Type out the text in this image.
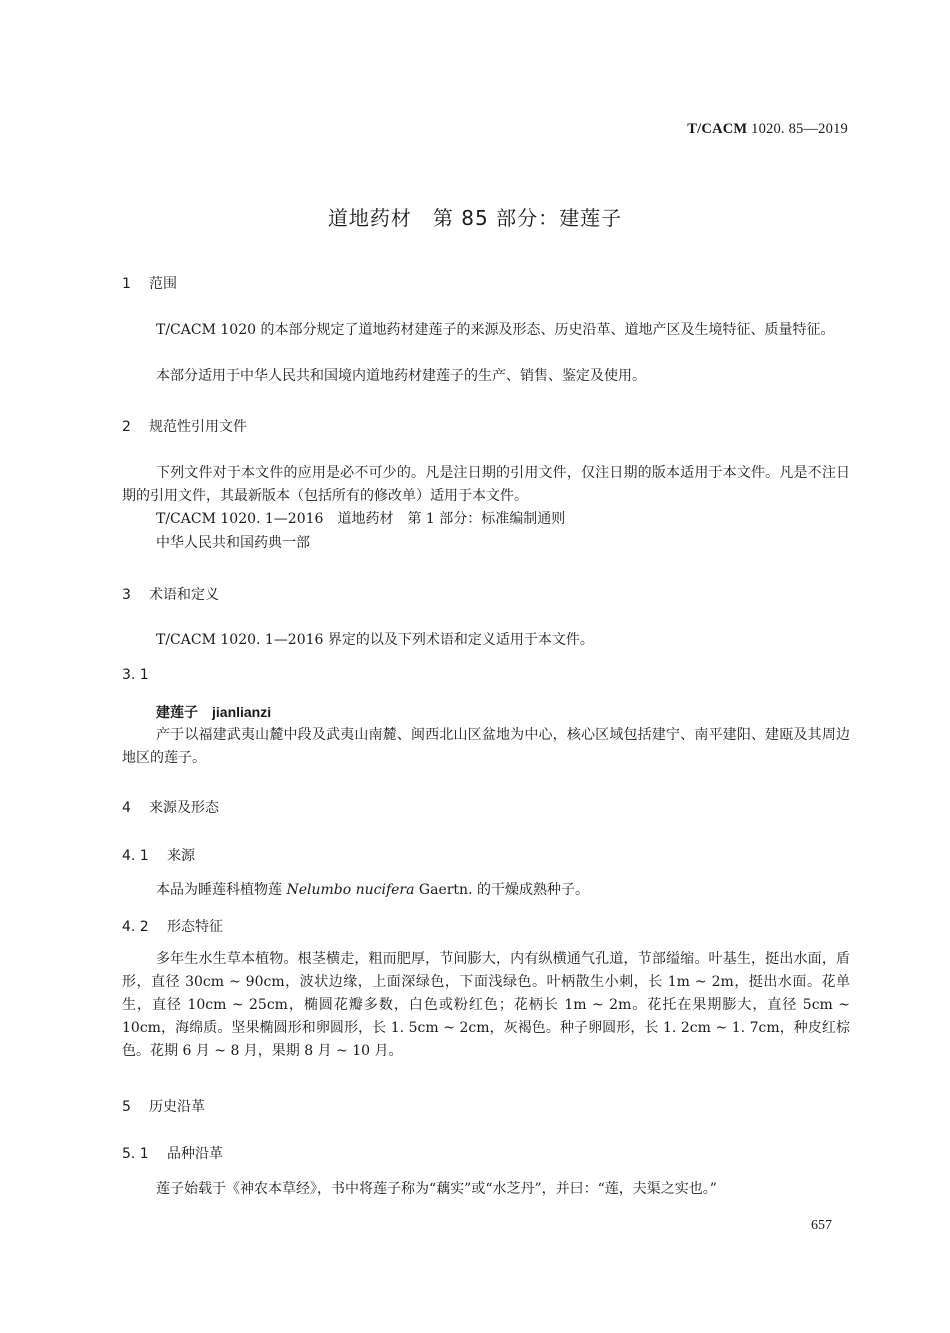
T/CACM 1020. 85—2019
道地药材　第 85 部分：建莲子
1 范围
T/CACM 1020 的本部分规定了道地药材建莲子的来源及形态、历史沿革、道地产区及生境特征、质量特征。
本部分适用于中华人民共和国境内道地药材建莲子的生产、销售、鉴定及使用。
2 规范性引用文件
下列文件对于本文件的应用是必不可少的。凡是注日期的引用文件，仅注日期的版本适用于本文件。凡是不注日期的引用文件，其最新版本（包括所有的修改单）适用于本文件。
T/CACM 1020. 1—2016　道地药材　第 1 部分：标准编制通则
中华人民共和国药典一部
3 术语和定义
T/CACM 1020. 1—2016 界定的以及下列术语和定义适用于本文件。
3. 1
建莲子 jianlianzi
产于以福建武夷山麓中段及武夷山南麓、闽西北山区盆地为中心，核心区域包括建宁、南平建阳、建瓯及其周边地区的莲子。
4 来源及形态
4. 1 来源
本品为睡莲科植物莲 Nelumbo nucifera Gaertn. 的干燥成熟种子。
4. 2 形态特征
多年生水生草本植物。根茎横走，粗而肥厚，节间膨大，内有纵横通气孔道，节部缢缩。叶基生，挺出水面，盾形，直径 30cm ~ 90cm，波状边缘，上面深绿色，下面浅绿色。叶柄散生小刺，长 1m ~ 2m，挺出水面。花单生，直径 10cm ~ 25cm，椭圆花瓣多数，白色或粉红色；花柄长 1m ~ 2m。花托在果期膨大，直径 5cm ~ 10cm，海绵质。坚果椭圆形和卵圆形，长 1. 5cm ~ 2cm，灰褐色。种子卵圆形，长 1. 2cm ~ 1. 7cm，种皮红棕色。花期 6 月 ~ 8 月，果期 8 月 ~ 10 月。
5 历史沿革
5. 1 品种沿革
莲子始载于《神农本草经》，书中将莲子称为“藕实”或“水芝丹”，并曰：“莲，夫渠之实也。”
657
